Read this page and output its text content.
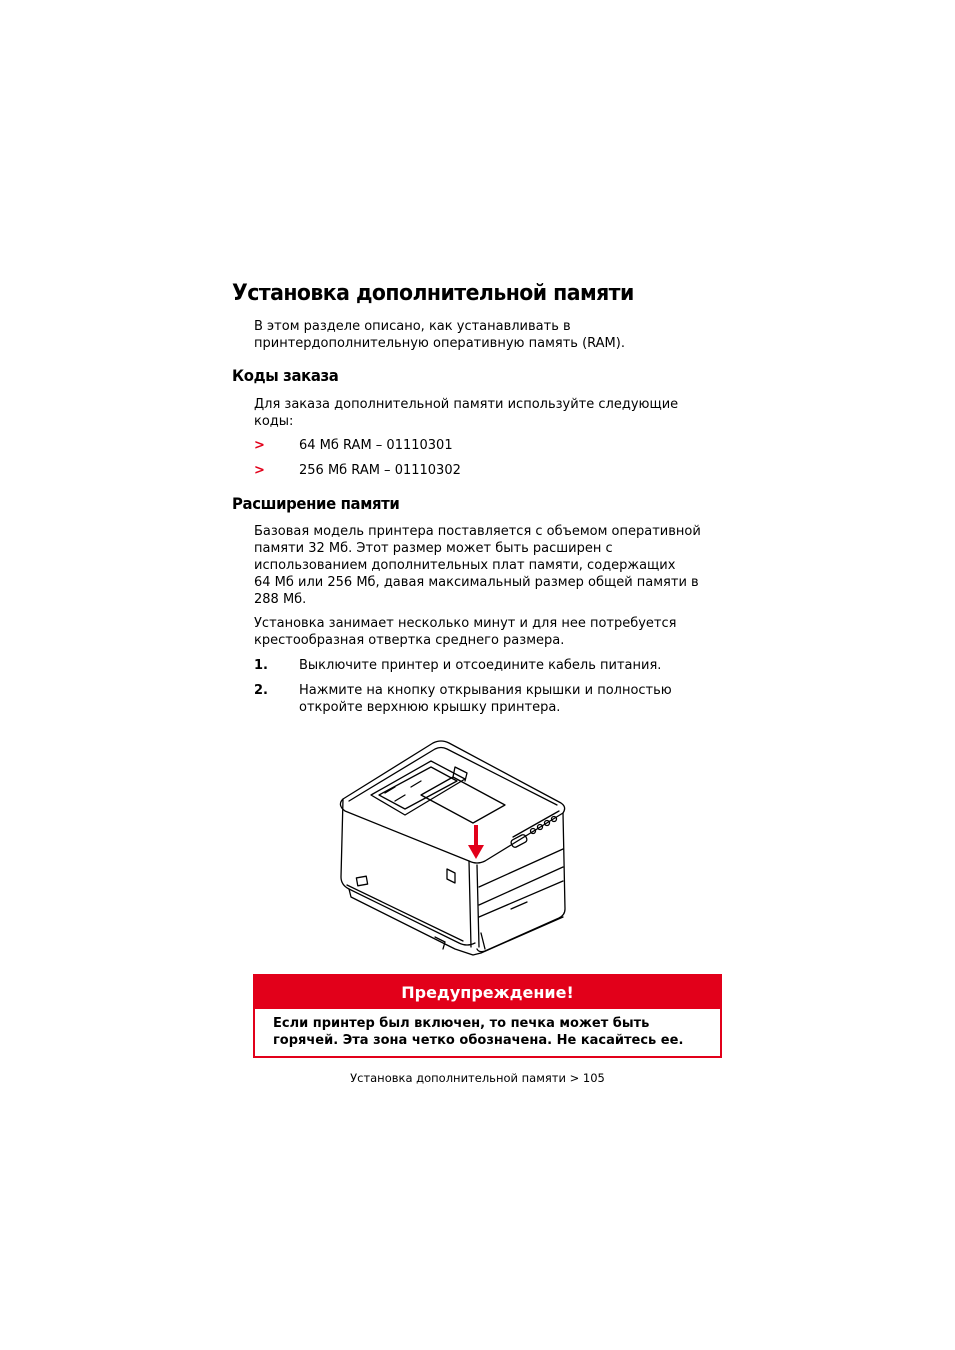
Установка дополнительной памяти
В этом разделе описано, как устанавливать в
принтердополнительную оперативную память (RAM).
Коды заказа
Для заказа дополнительной памяти используйте следующие
коды:
>	64 Мб RAM – 01110301
>	256 Мб RAM – 01110302
Расширение памяти
Базовая модель принтера поставляется с объемом оперативной
памяти 32 Мб. Этот размер может быть расширен с
использованием дополнительных плат памяти, содержащих
64 Мб или 256 Мб, давая максимальный размер общей памяти в
288 Мб.
Установка занимает несколько минут и для нее потребуется
крестообразная отвертка среднего размера.
1. Выключите принтер и отсоедините кабель питания.
2. Нажмите на кнопку открывания крышки и полностью
откройте верхнюю крышку принтера.
Предупреждение!
Если принтер был включен, то печка может быть
горячей. Эта зона четко обозначена. Не касайтесь ее.
Установка дополнительной памяти > 105
